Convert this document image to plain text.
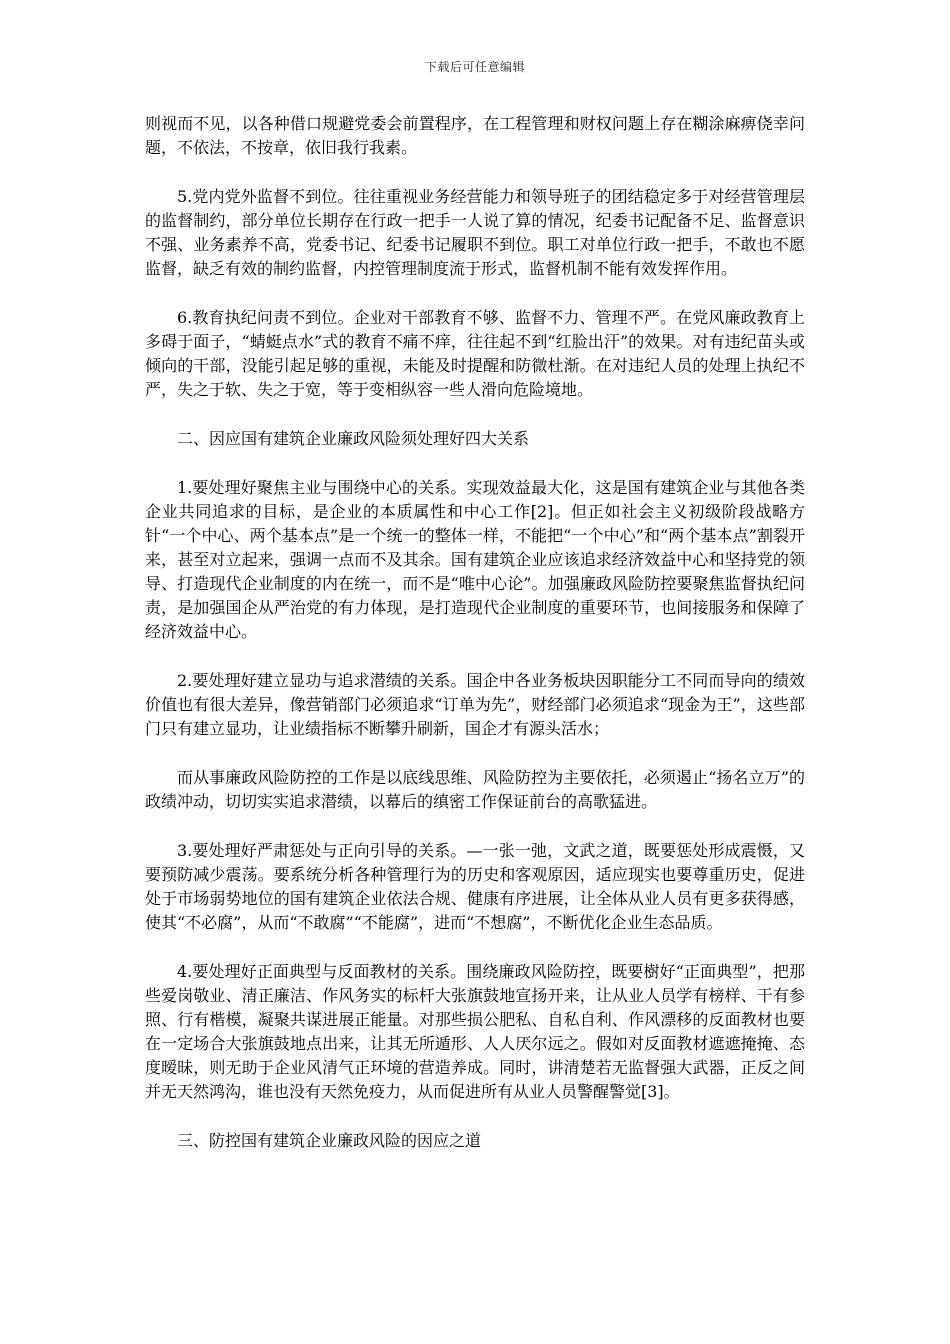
下载后可任意编辑

则视而不见，以各种借口规避党委会前置程序，在工程管理和财权问题上存在糊涂麻痹侥幸问题，不依法，不按章，依旧我行我素。

5.党内党外监督不到位。往往重视业务经营能力和领导班子的团结稳定多于对经营管理层的监督制约，部分单位长期存在行政一把手一人说了算的情况，纪委书记配备不足、监督意识不强、业务素养不高，党委书记、纪委书记履职不到位。职工对单位行政一把手，不敢也不愿监督，缺乏有效的制约监督，内控管理制度流于形式，监督机制不能有效发挥作用。

6.教育执纪问责不到位。企业对干部教育不够、监督不力、管理不严。在党风廉政教育上多碍于面子，“蜻蜓点水”式的教育不痛不痒，往往起不到“红脸出汗”的效果。对有违纪苗头或倾向的干部，没能引起足够的重视，未能及时提醒和防微杜渐。在对违纪人员的处理上执纪不严，失之于软、失之于宽，等于变相纵容一些人滑向危险境地。

二、因应国有建筑企业廉政风险须处理好四大关系

1.要处理好聚焦主业与围绕中心的关系。实现效益最大化，这是国有建筑企业与其他各类企业共同追求的目标，是企业的本质属性和中心工作[2]。但正如社会主义初级阶段战略方针“一个中心、两个基本点”是一个统一的整体一样，不能把“一个中心”和“两个基本点”割裂开来，甚至对立起来，强调一点而不及其余。国有建筑企业应该追求经济效益中心和坚持党的领导、打造现代企业制度的内在统一，而不是“唯中心论”。加强廉政风险防控要聚焦监督执纪问责，是加强国企从严治党的有力体现，是打造现代企业制度的重要环节，也间接服务和保障了经济效益中心。

2.要处理好建立显功与追求潜绩的关系。国企中各业务板块因职能分工不同而导向的绩效价值也有很大差异，像营销部门必须追求“订单为先”，财经部门必须追求“现金为王”，这些部门只有建立显功，让业绩指标不断攀升刷新，国企才有源头活水；

而从事廉政风险防控的工作是以底线思维、风险防控为主要依托，必须遏止“扬名立万”的政绩冲动，切切实实追求潜绩，以幕后的缜密工作保证前台的高歌猛进。

3.要处理好严肃惩处与正向引导的关系。—一张一弛，文武之道，既要惩处形成震慑，又要预防减少震荡。要系统分析各种管理行为的历史和客观原因，适应现实也要尊重历史，促进处于市场弱势地位的国有建筑企业依法合规、健康有序进展，让全体从业人员有更多获得感，使其“不必腐”，从而“不敢腐”“不能腐”，进而“不想腐”，不断优化企业生态品质。

4.要处理好正面典型与反面教材的关系。围绕廉政风险防控，既要樹好“正面典型”，把那些爱岗敬业、清正廉洁、作风务实的标杆大张旗鼓地宣扬开来，让从业人员学有榜样、干有参照、行有楷模，凝聚共谋进展正能量。对那些损公肥私、自私自利、作风漂移的反面教材也要在一定场合大张旗鼓地点出来，让其无所遁形、人人厌尔远之。假如对反面教材遮遮掩掩、态度暧昧，则无助于企业风清气正环境的营造养成。同时，讲清楚若无监督强大武器，正反之间并无天然鸿沟，谁也没有天然免疫力，从而促进所有从业人员警醒警觉[3]。

三、防控国有建筑企业廉政风险的因应之道
